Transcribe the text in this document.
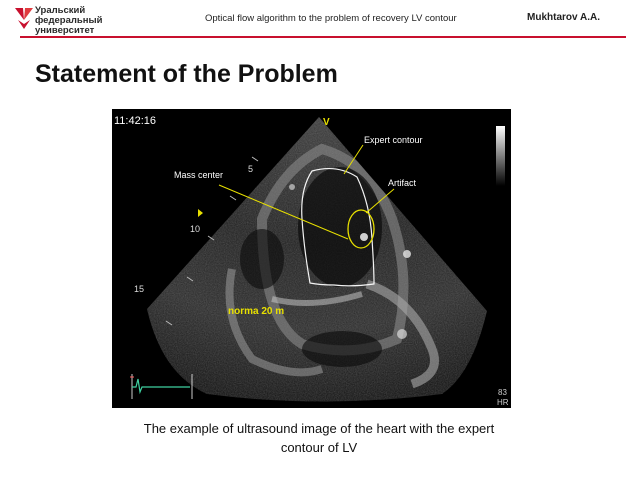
Уральский
федеральный
университет
Optical flow algorithm to the problem of recovery LV contour	Mukhtarov A.A.
Statement of the Problem
11:42:16	V
Expert contour
Mass center
Artifact
5
10
15
norma 20 m
83
HR
The example of ultrasound image of the heart with the expert
contour of LV
